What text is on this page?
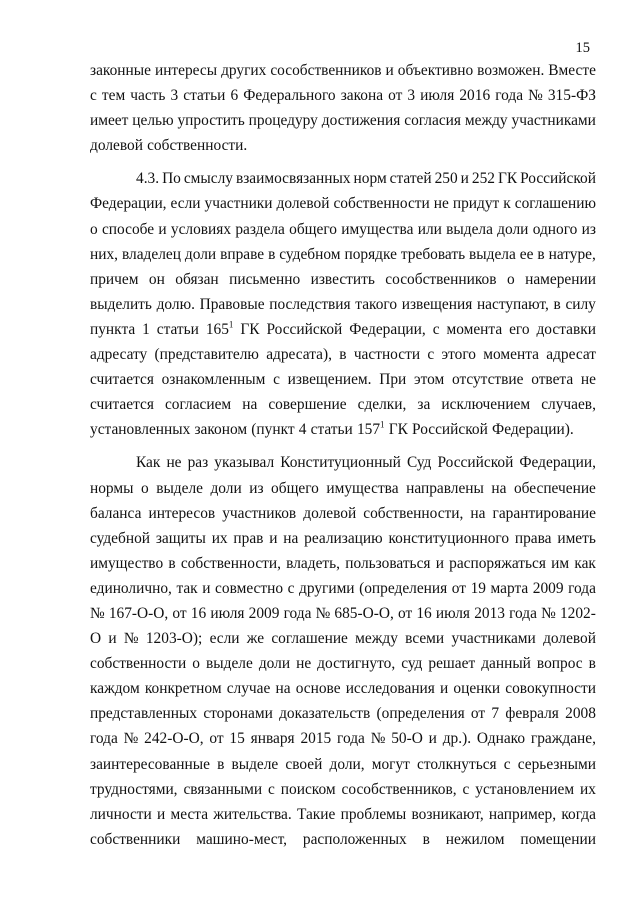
15
законные интересы других сособственников и объективно возможен. Вместе
с тем часть 3 статьи 6 Федерального закона от 3 июля 2016 года № 315-ФЗ
имеет целью упростить процедуру достижения согласия между участниками
долевой собственности.
4.3. По смыслу взаимосвязанных норм статей 250 и 252 ГК Российской
Федерации, если участники долевой собственности не придут к соглашению
о способе и условиях раздела общего имущества или выдела доли одного из
них, владелец доли вправе в судебном порядке требовать выдела ее в натуре,
причем он обязан письменно известить сособственников о намерении
выделить долю. Правовые последствия такого извещения наступают, в силу
пункта 1 статьи $165^1$ ГК Российской Федерации, с момента его доставки
адресату (представителю адресата), в частности с этого момента адресат
считается ознакомленным с извещением. При этом отсутствие ответа не
считается согласием на совершение сделки, за исключением случаев,
установленных законом (пункт 4 статьи $157^1$ ГК Российской Федерации).
Как не раз указывал Конституционный Суд Российской Федерации,
нормы о выделе доли из общего имущества направлены на обеспечение
баланса интересов участников долевой собственности, на гарантирование
судебной защиты их прав и на реализацию конституционного права иметь
имущество в собственности, владеть, пользоваться и распоряжаться им как
единолично, так и совместно с другими (определения от 19 марта 2009 года
№ 167-О-О, от 16 июля 2009 года № 685-О-О, от 16 июля 2013 года № 1202-
О и № 1203-О); если же соглашение между всеми участниками долевой
собственности о выделе доли не достигнуто, суд решает данный вопрос в
каждом конкретном случае на основе исследования и оценки совокупности
представленных сторонами доказательств (определения от 7 февраля 2008
года № 242-О-О, от 15 января 2015 года № 50-О и др.). Однако граждане,
заинтересованные в выделе своей доли, могут столкнуться с серьезными
трудностями, связанными с поиском сособственников, с установлением их
личности и места жительства. Такие проблемы возникают, например, когда
собственники машино-мест, расположенных в нежилом помещении
